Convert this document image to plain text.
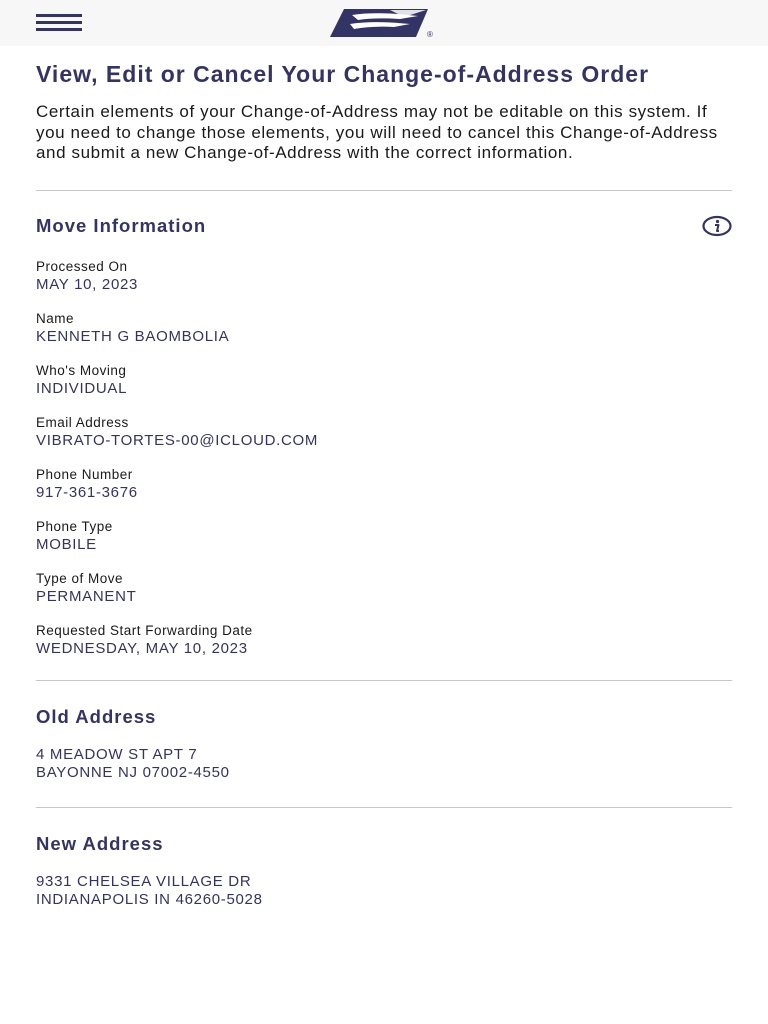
®
View, Edit or Cancel Your Change-of-Address Order

Certain elements of your Change-of-Address may not be editable on this system. If you need to change those elements, you will need to cancel this Change-of-Address and submit a new Change-of-Address with the correct information.

Move Information
Processed On
MAY 10, 2023
Name
KENNETH G BAOMBOLIA
Who's Moving
INDIVIDUAL
Email Address
VIBRATO-TORTES-00@ICLOUD.COM
Phone Number
917-361-3676
Phone Type
MOBILE
Type of Move
PERMANENT
Requested Start Forwarding Date
WEDNESDAY, MAY 10, 2023
Old Address
4 MEADOW ST APT 7
BAYONNE NJ 07002-4550
New Address
9331 CHELSEA VILLAGE DR
INDIANAPOLIS IN 46260-5028
